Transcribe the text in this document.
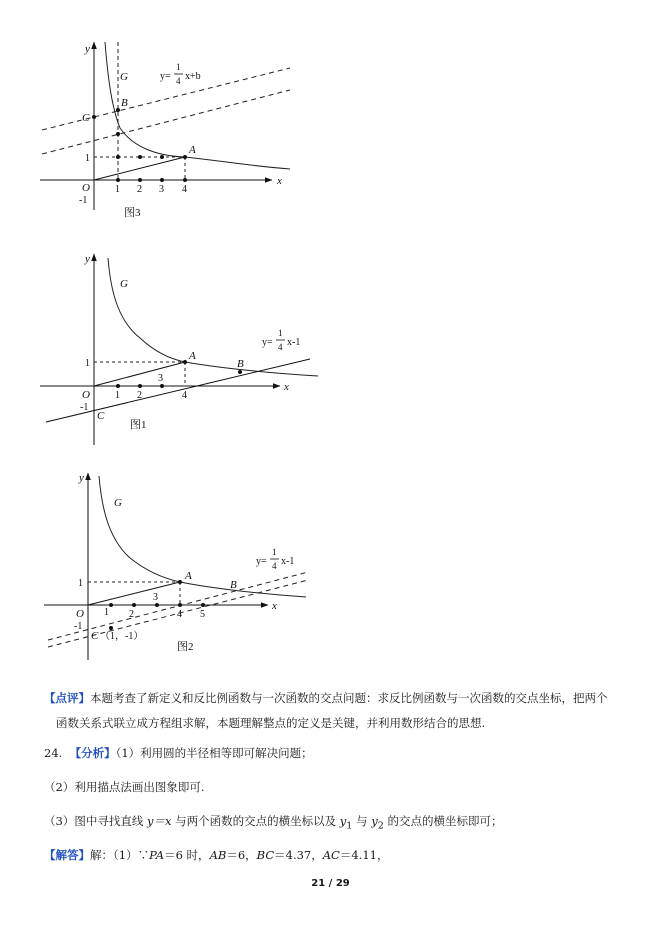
y
x
G
C
B
A
O
1
-1
1 2 3 4
y=
1
4 x+b
图3
y
x
G
A
B
C
O
1
-1
1 2
3
4
y=
1
4 x-1
图1
y
x
G
A
B
O
C （1，-1）
1
-1
1 2
3
4 5
y=
1
4 x-1
图2
【点评】本题考查了新定义和反比例函数与一次函数的交点问题：求反比例函数与一次函数的交点坐标，把两个
函数关系式联立成方程组求解，本题理解整点的定义是关键，并利用数形结合的思想.
24. 【分析】（1）利用圆的半径相等即可解决问题；
（2）利用描点法画出图象即可.
（3）图中寻找直线 y＝x 与两个函数的交点的横坐标以及 $y_1$ 与 $y_2$ 的交点的横坐标即可；
【解答】解：（1）∵PA＝6 时，AB＝6，BC＝4.37，AC＝4.11，
21 / 29
